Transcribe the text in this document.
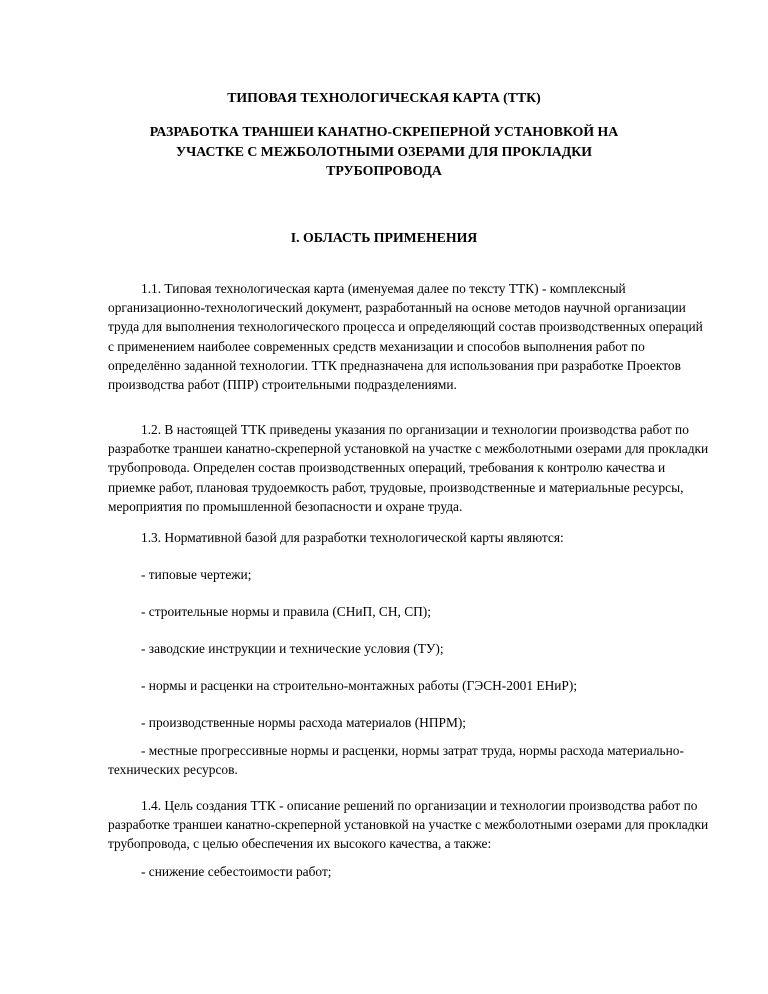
ТИПОВАЯ ТЕХНОЛОГИЧЕСКАЯ КАРТА (ТТК)
РАЗРАБОТКА ТРАНШЕИ КАНАТНО-СКРЕПЕРНОЙ УСТАНОВКОЙ НА
УЧАСТКЕ С МЕЖБОЛОТНЫМИ ОЗЕРАМИ ДЛЯ ПРОКЛАДКИ
ТРУБОПРОВОДА
I. ОБЛАСТЬ ПРИМЕНЕНИЯ

1.1. Типовая технологическая карта (именуемая далее по тексту ТТК) - комплексный организационно-технологический документ, разработанный на основе методов научной организации труда для выполнения технологического процесса и определяющий состав производственных операций с применением наиболее современных средств механизации и способов выполнения работ по определённо заданной технологии. ТТК предназначена для использования при разработке Проектов производства работ (ППР) строительными подразделениями.

1.2. В настоящей ТТК приведены указания по организации и технологии производства работ по разработке траншеи канатно-скреперной установкой на участке с межболотными озерами для прокладки трубопровода. Определен состав производственных операций, требования к контролю качества и приемке работ, плановая трудоемкость работ, трудовые, производственные и материальные ресурсы, мероприятия по промышленной безопасности и охране труда.

1.3. Нормативной базой для разработки технологической карты являются:

- типовые чертежи;

- строительные нормы и правила (СНиП, СН, СП);

- заводские инструкции и технические условия (ТУ);

- нормы и расценки на строительно-монтажных работы (ГЭСН-2001 ЕНиР);

- производственные нормы расхода материалов (НПРМ);

- местные прогрессивные нормы и расценки, нормы затрат труда, нормы расхода материально-технических ресурсов.

1.4. Цель создания ТТК - описание решений по организации и технологии производства работ по разработке траншеи канатно-скреперной установкой на участке с межболотными озерами для прокладки трубопровода, с целью обеспечения их высокого качества, а также:

- снижение себестоимости работ;
